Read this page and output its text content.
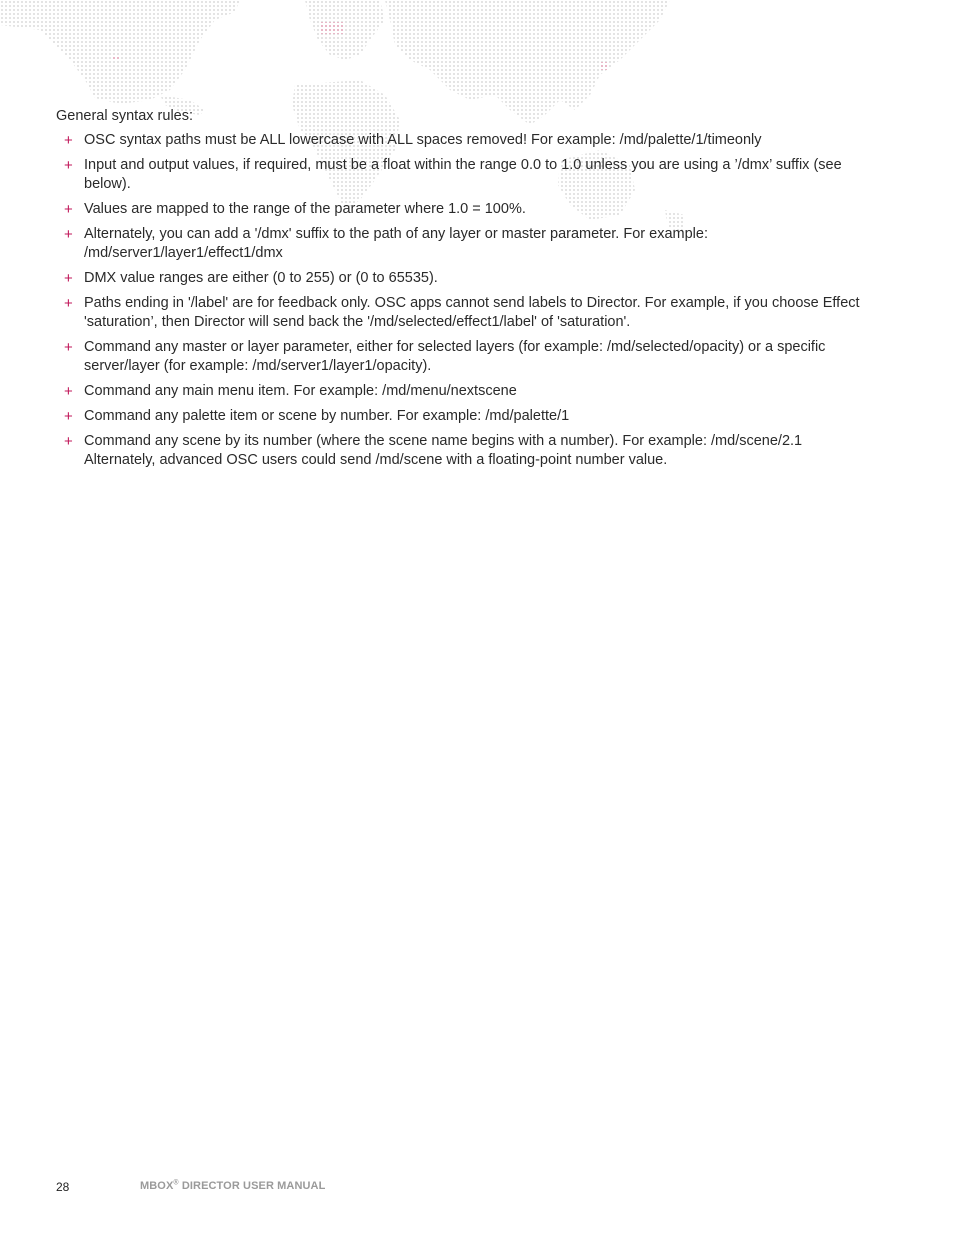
General syntax rules:
+ OSC syntax paths must be ALL lowercase with ALL spaces removed! For example: /md/palette/1/timeonly
+ Input and output values, if required, must be a float within the range 0.0 to 1.0 unless you are using a ’/dmx’ suffix (see below).
+ Values are mapped to the range of the parameter where 1.0 = 100%.
+ Alternately, you can add a '/dmx' suffix to the path of any layer or master parameter. For example: /md/server1/layer1/effect1/dmx
+ DMX value ranges are either (0 to 255) or (0 to 65535).
+ Paths ending in '/label' are for feedback only. OSC apps cannot send labels to Director. For example, if you choose Effect 'saturation’, then Director will send back the '/md/selected/effect1/label' of 'saturation'.
+ Command any master or layer parameter, either for selected layers (for example: /md/selected/opacity) or a specific server/layer (for example: /md/server1/layer1/opacity).
+ Command any main menu item. For example: /md/menu/nextscene
+ Command any palette item or scene by number. For example: /md/palette/1
+ Command any scene by its number (where the scene name begins with a number). For example: /md/scene/2.1 Alternately, advanced OSC users could send /md/scene with a floating-point number value.
28	MBOX® DIRECTOR USER MANUAL
